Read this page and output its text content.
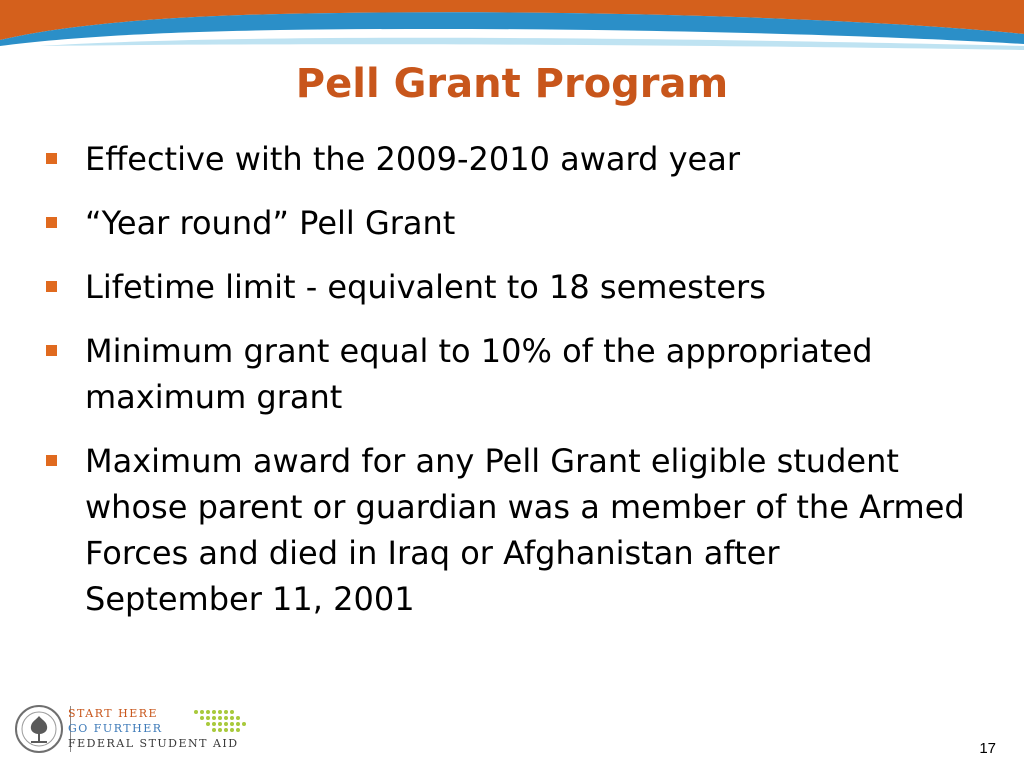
Pell Grant Program
Effective with the 2009-2010 award year
“Year round” Pell Grant
Lifetime limit - equivalent to 18 semesters
Minimum grant equal to 10% of the appropriated maximum grant
Maximum award for any Pell Grant eligible student whose parent or guardian was a member of the Armed Forces and died in Iraq or Afghanistan after September 11, 2001
START HERE
GO FURTHER
FEDERAL STUDENT AID	17
